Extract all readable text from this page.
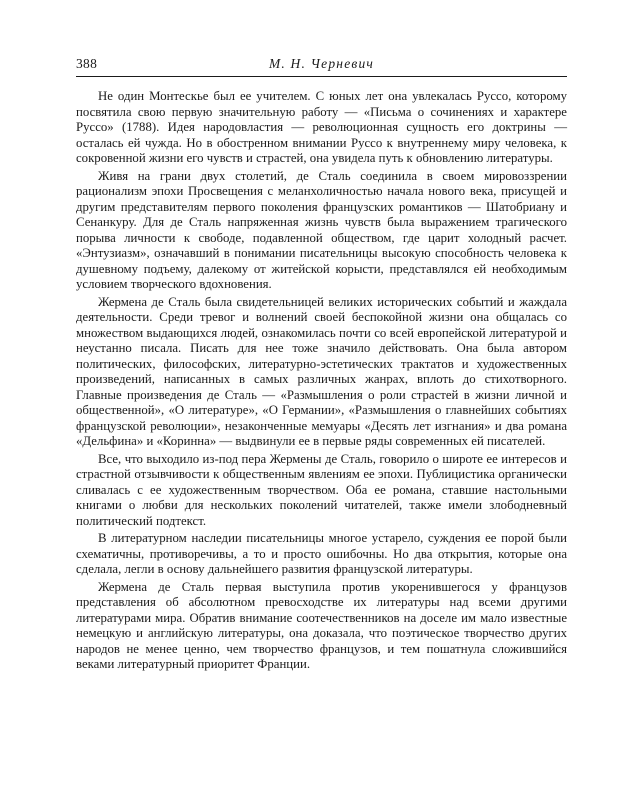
388	М. Н. Черневич

Не один Монтескье был ее учителем. С юных лет она увлекалась Руссо, которому посвятила свою первую значительную работу — «Письма о сочинениях и характере Руссо» (1788). Идея народовластия — революционная сущность его доктрины — осталась ей чужда. Но в обостренном внимании Руссо к внутреннему миру человека, к сокровенной жизни его чувств и страстей, она увидела путь к обновлению литературы.

Живя на грани двух столетий, де Сталь соединила в своем мировоззрении рационализм эпохи Просвещения с меланхоличностью начала нового века, присущей и другим представителям первого поколения французских романтиков — Шатобриану и Сенанкуру. Для де Сталь напряженная жизнь чувств была выражением трагического порыва личности к свободе, подавленной обществом, где царит холодный расчет. «Энтузиазм», означавший в понимании писательницы высокую способность человека к душевному подъему, далекому от житейской корысти, представлялся ей необходимым условием творческого вдохновения.

Жермена де Сталь была свидетельницей великих исторических событий и жаждала деятельности. Среди тревог и волнений своей беспокойной жизни она общалась со множеством выдающихся людей, ознакомилась почти со всей европейской литературой и неустанно писала. Писать для нее тоже значило действовать. Она была автором политических, философских, литературно-эстетических трактатов и художественных произведений, написанных в самых различных жанрах, вплоть до стихотворного. Главные произведения де Сталь — «Размышления о роли страстей в жизни личной и общественной», «О литературе», «О Германии», «Размышления о главнейших событиях французской революции», незаконченные мемуары «Десять лет изгнания» и два романа «Дельфина» и «Коринна» — выдвинули ее в первые ряды современных ей писателей.

Все, что выходило из-под пера Жермены де Сталь, говорило о широте ее интересов и страстной отзывчивости к общественным явлениям ее эпохи. Публицистика органически сливалась с ее художественным творчеством. Оба ее романа, ставшие настольными книгами о любви для нескольких поколений читателей, также имели злободневный политический подтекст.

В литературном наследии писательницы многое устарело, суждения ее порой были схематичны, противоречивы, а то и просто ошибочны. Но два открытия, которые она сделала, легли в основу дальнейшего развития французской литературы.

Жермена де Сталь первая выступила против укоренившегося у французов представления об абсолютном превосходстве их литературы над всеми другими литературами мира. Обратив внимание соотечественников на доселе им мало известные немецкую и английскую литературы, она доказала, что поэтическое творчество других народов не менее ценно, чем творчество французов, и тем пошатнула сложившийся веками литературный приоритет Франции.
